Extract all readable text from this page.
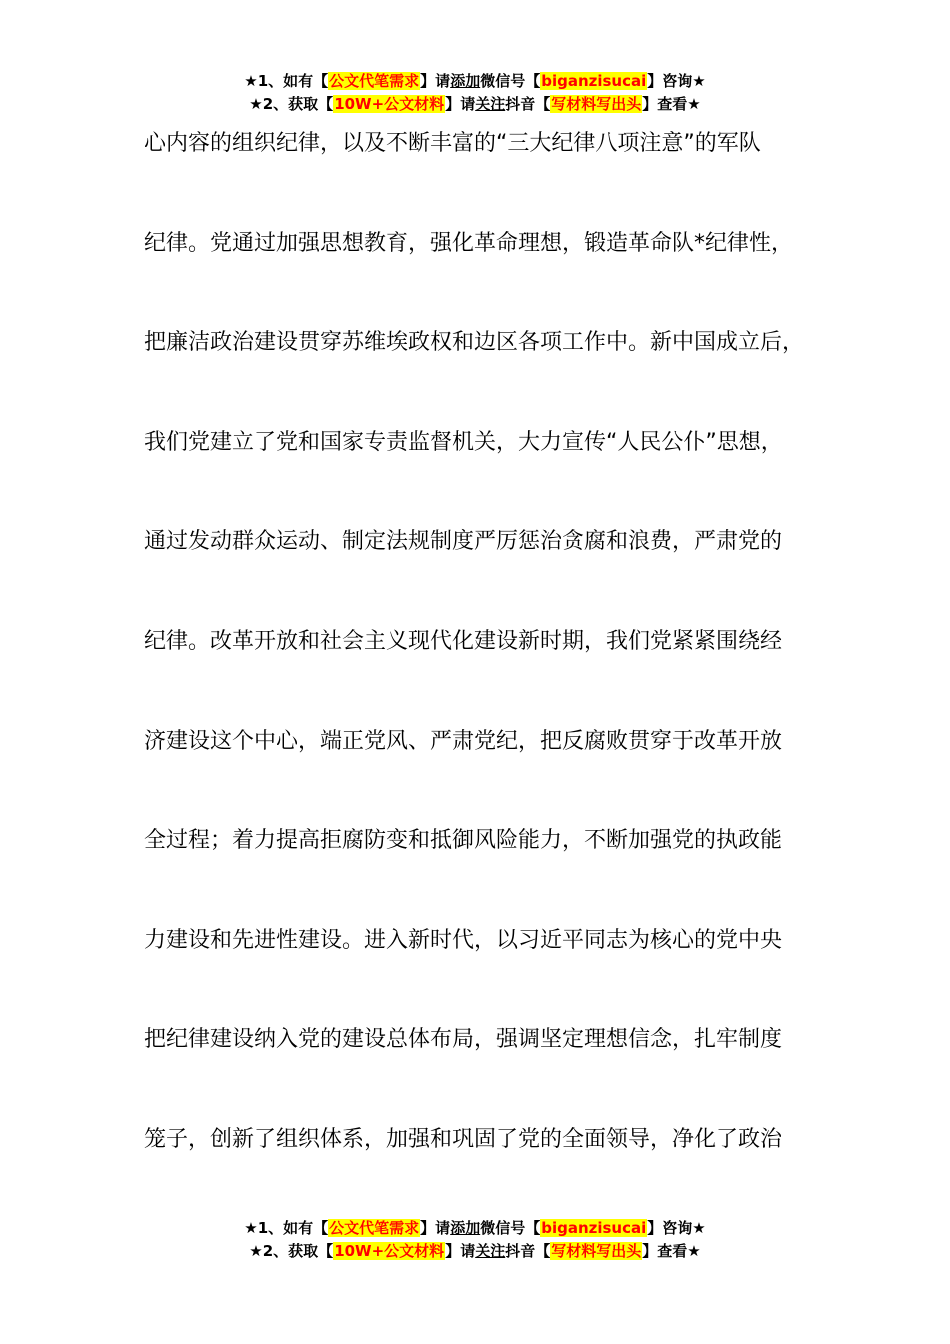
★1、如有【公文代笔需求】请添加微信号【biganzisucai】咨询★
★2、获取【10W+公文材料】请关注抖音【写材料写出头】查看★
心内容的组织纪律，以及不断丰富的“三大纪律八项注意”的军队
纪律。党通过加强思想教育，强化革命理想，锻造革命队*纪律性，
把廉洁政治建设贯穿苏维埃政权和边区各项工作中。新中国成立后，
我们党建立了党和国家专责监督机关，大力宣传“人民公仆”思想，
通过发动群众运动、制定法规制度严厉惩治贪腐和浪费，严肃党的
纪律。改革开放和社会主义现代化建设新时期，我们党紧紧围绕经
济建设这个中心，端正党风、严肃党纪，把反腐败贯穿于改革开放
全过程；着力提高拒腐防变和抵御风险能力，不断加强党的执政能
力建设和先进性建设。进入新时代，以习近平同志为核心的党中央
把纪律建设纳入党的建设总体布局，强调坚定理想信念，扎牢制度
笼子，创新了组织体系，加强和巩固了党的全面领导，净化了政治
★1、如有【公文代笔需求】请添加微信号【biganzisucai】咨询★
★2、获取【10W+公文材料】请关注抖音【写材料写出头】查看★
